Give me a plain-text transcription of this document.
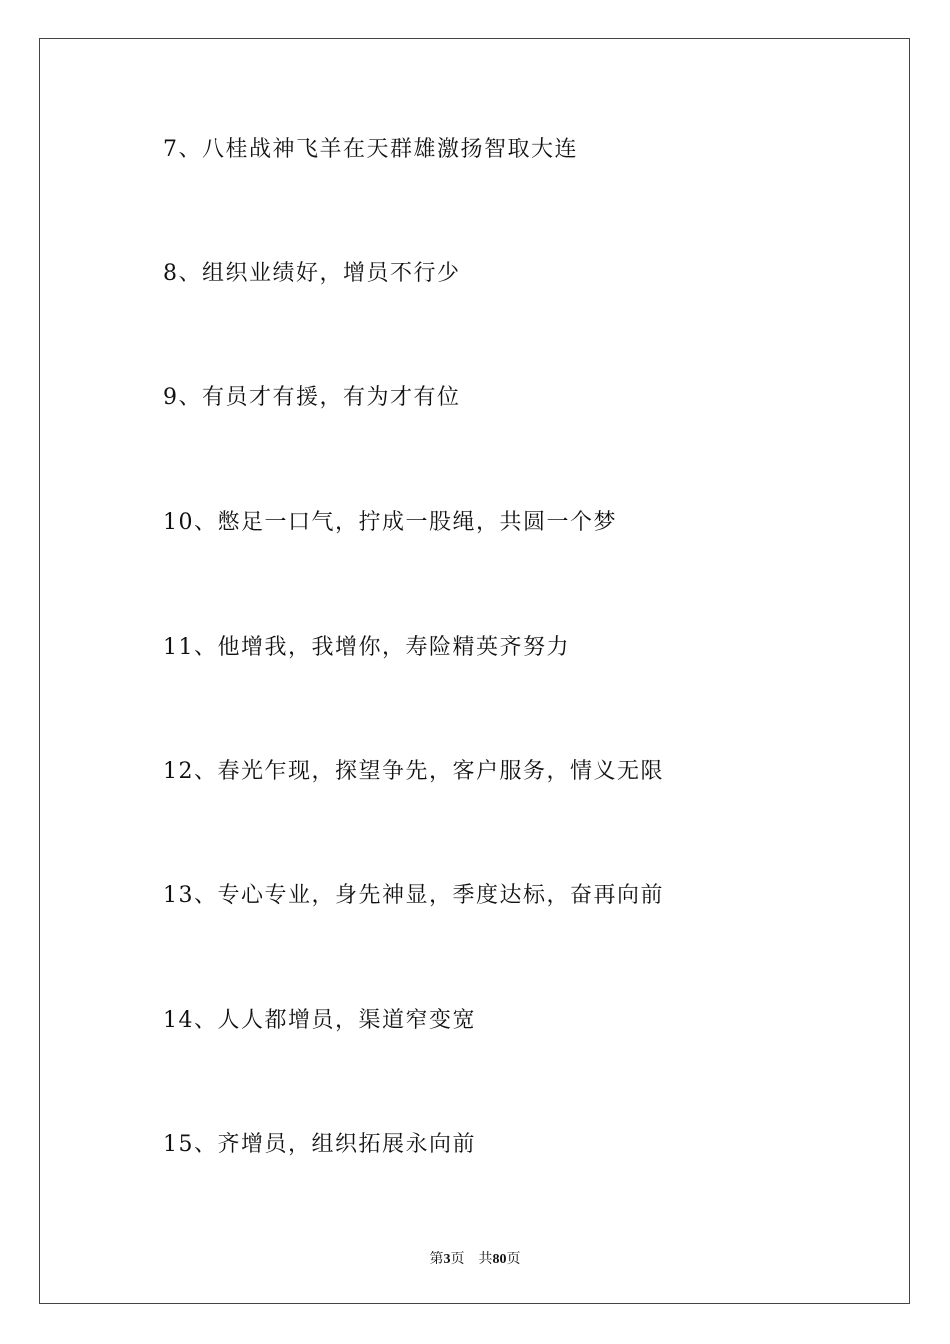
7、八桂战神飞羊在天群雄激扬智取大连
8、组织业绩好，增员不行少
9、有员才有援，有为才有位
10、憋足一口气，拧成一股绳，共圆一个梦
11、他增我，我增你，寿险精英齐努力
12、春光乍现，探望争先，客户服务，情义无限
13、专心专业，身先神显，季度达标，奋再向前
14、人人都增员，渠道窄变宽
15、齐增员，组织拓展永向前
第3页 共80页
